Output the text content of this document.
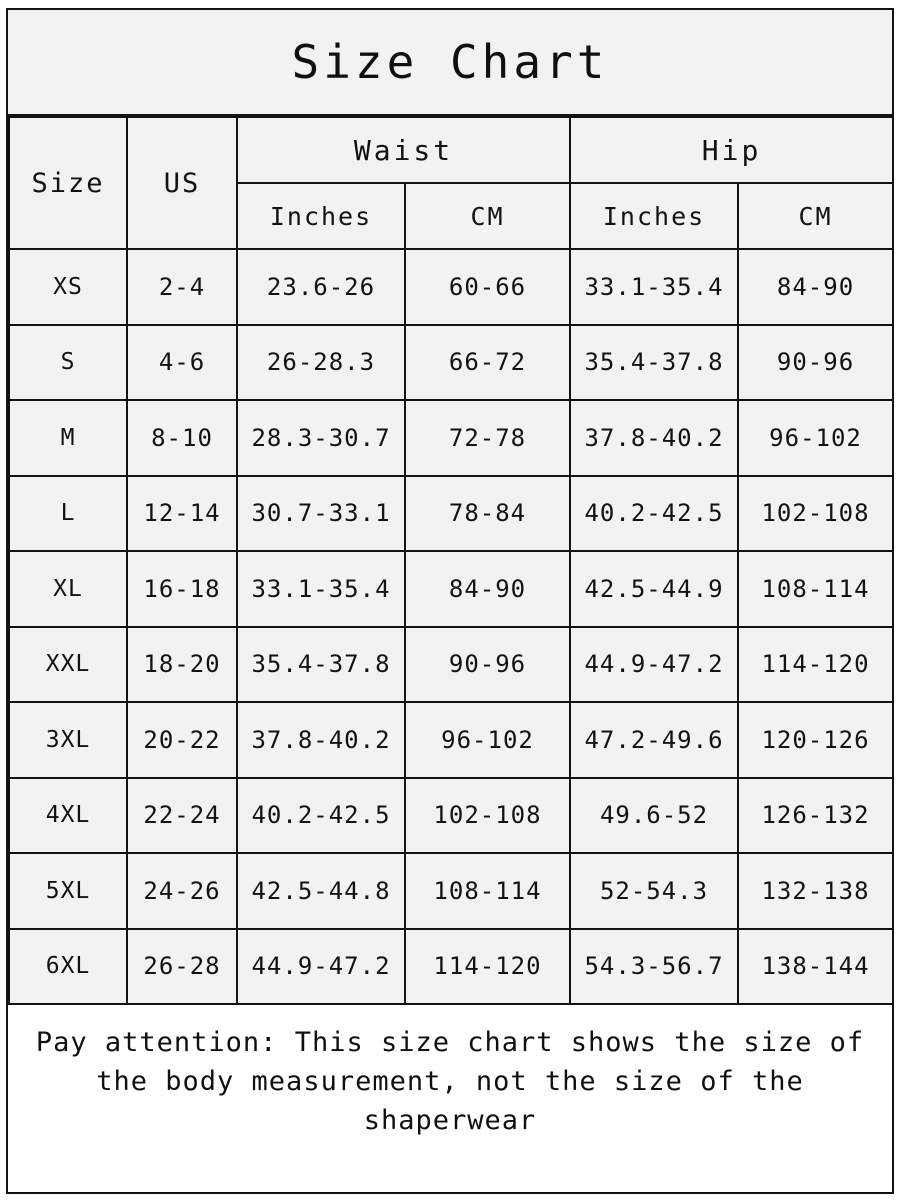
Size Chart
Size	US	Waist		Hip	
		Inches	CM	Inches	CM
XS	2-4	23.6-26	60-66	33.1-35.4	84-90
S	4-6	26-28.3	66-72	35.4-37.8	90-96
M	8-10	28.3-30.7	72-78	37.8-40.2	96-102
L	12-14	30.7-33.1	78-84	40.2-42.5	102-108
XL	16-18	33.1-35.4	84-90	42.5-44.9	108-114
XXL	18-20	35.4-37.8	90-96	44.9-47.2	114-120
3XL	20-22	37.8-40.2	96-102	47.2-49.6	120-126
4XL	22-24	40.2-42.5	102-108	49.6-52	126-132
5XL	24-26	42.5-44.8	108-114	52-54.3	132-138
6XL	26-28	44.9-47.2	114-120	54.3-56.7	138-144
Pay attention: This size chart shows the size of the body measurement, not the size of the shaperwear
